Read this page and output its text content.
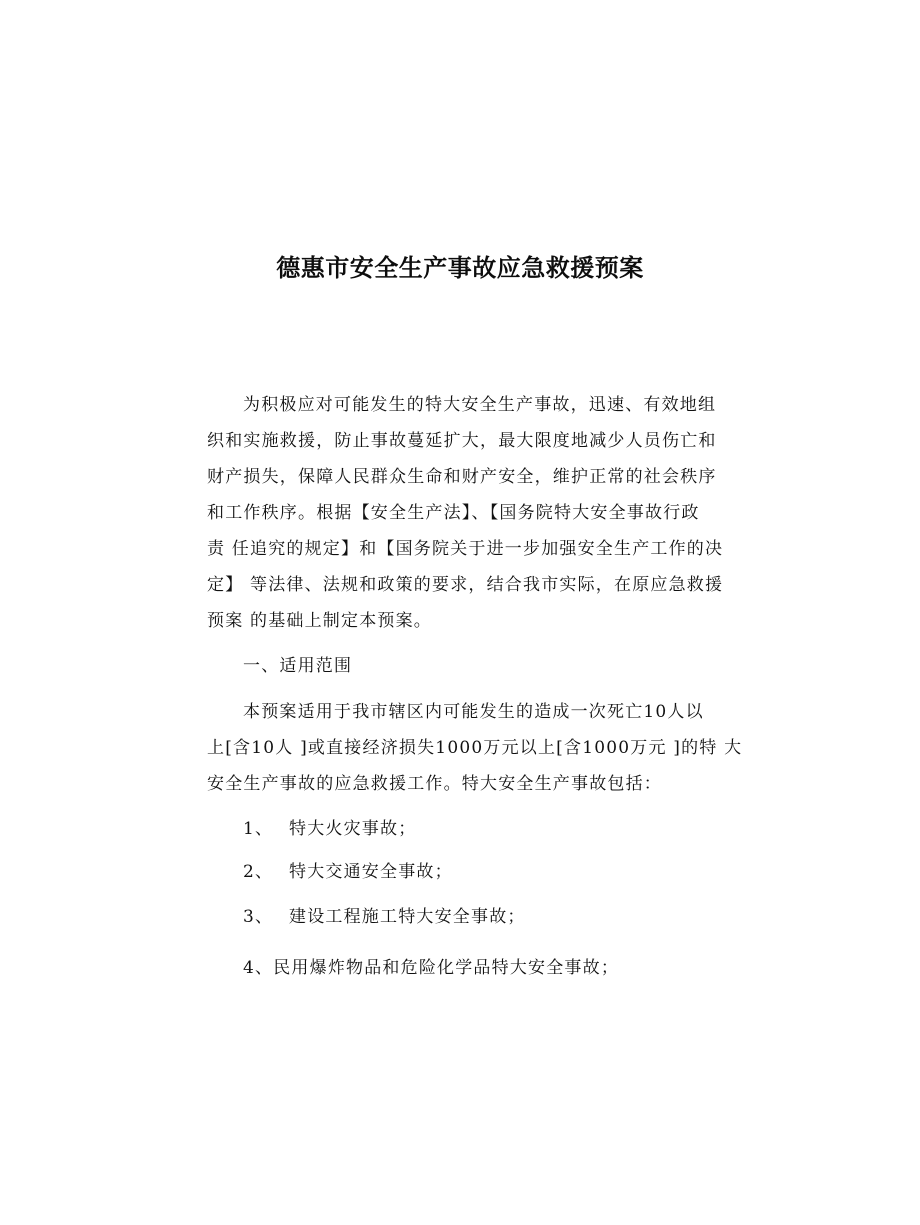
德惠市安全生产事故应急救援预案
为积极应对可能发生的特大安全生产事故，迅速、有效地组
织和实施救援，防止事故蔓延扩大，最大限度地减少人员伤亡和
财产损失，保障人民群众生命和财产安全，维护正常的社会秩序
和工作秩序。根据【安全生产法】、【国务院特大安全事故行政
责 任追究的规定】和【国务院关于进一步加强安全生产工作的决
定】 等法律、法规和政策的要求，结合我市实际，在原应急救援
预案 的基础上制定本预案。
一、适用范围
本预案适用于我市辖区内可能发生的造成一次死亡10人以
上[含10人 ]或直接经济损失1000万元以上[含1000万元 ]的特 大
安全生产事故的应急救援工作。特大安全生产事故包括：
1、 特大火灾事故；
2、 特大交通安全事故；
3、 建设工程施工特大安全事故；
4、民用爆炸物品和危险化学品特大安全事故；
